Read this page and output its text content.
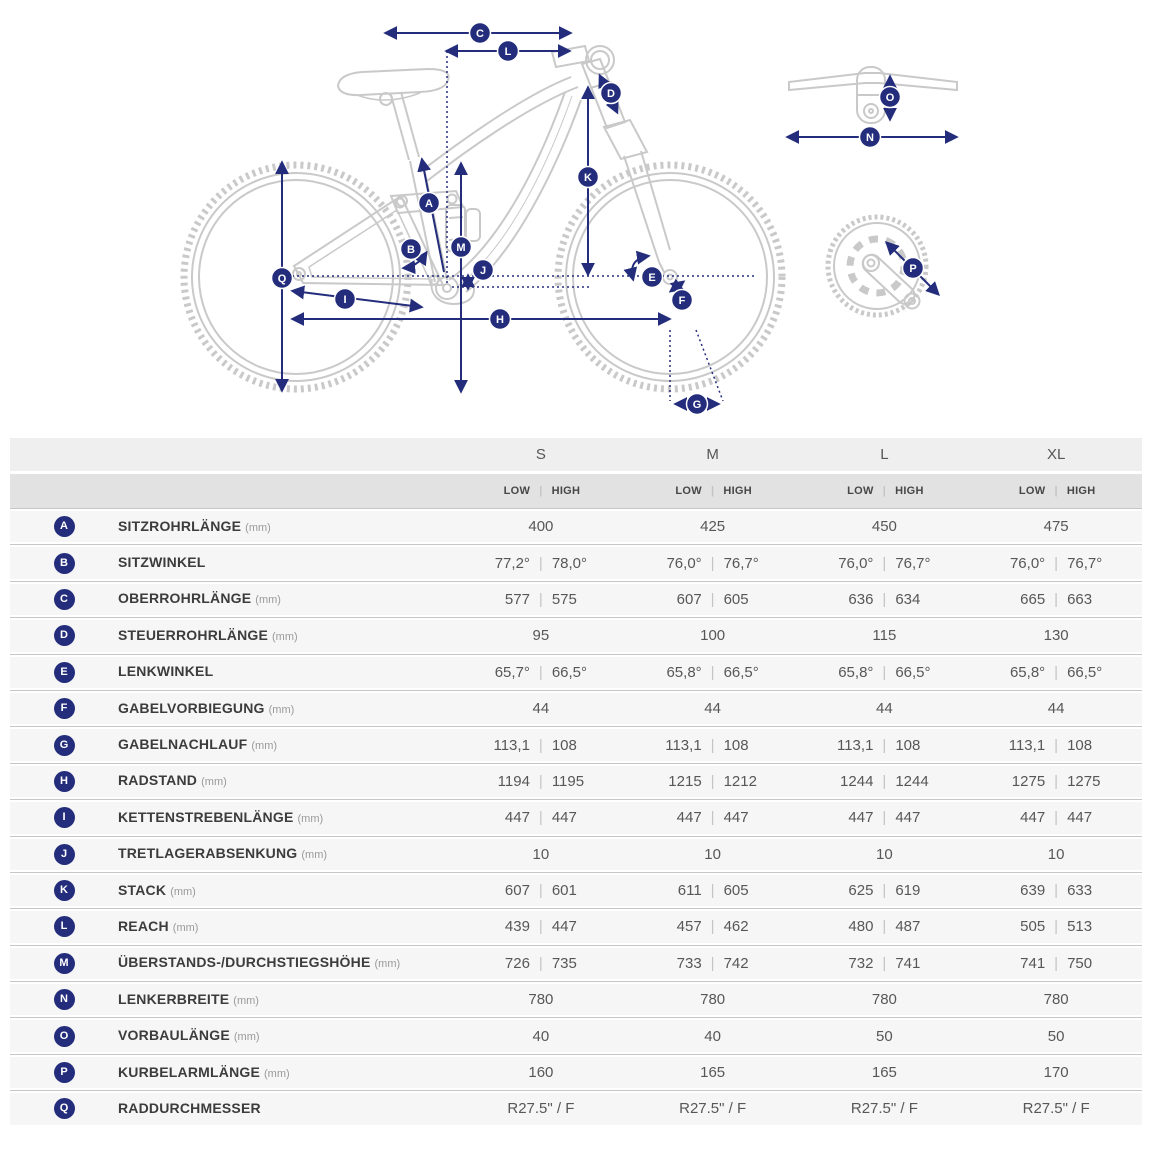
A
B
C
D
E
F
G
H
I
J
K
L
M
N
O
P
Q
S	M	L	XL
LOW | HIGH	LOW | HIGH	LOW | HIGH	LOW | HIGH
A	SITZROHRLÄNGE (mm)	400	425	450	475
B	SITZWINKEL	77,2° | 78,0°	76,0° | 76,7°	76,0° | 76,7°	76,0° | 76,7°
C	OBERROHRLÄNGE (mm)	577 | 575	607 | 605	636 | 634	665 | 663
D	STEUERROHRLÄNGE (mm)	95	100	115	130
E	LENKWINKEL	65,7° | 66,5°	65,8° | 66,5°	65,8° | 66,5°	65,8° | 66,5°
F	GABELVORBIEGUNG (mm)	44	44	44	44
G	GABELNACHLAUF (mm)	113,1 | 108	113,1 | 108	113,1 | 108	113,1 | 108
H	RADSTAND (mm)	1194 | 1195	1215 | 1212	1244 | 1244	1275 | 1275
I	KETTENSTREBENLÄNGE (mm)	447 | 447	447 | 447	447 | 447	447 | 447
J	TRETLAGERABSENKUNG (mm)	10	10	10	10
K	STACK (mm)	607 | 601	611 | 605	625 | 619	639 | 633
L	REACH (mm)	439 | 447	457 | 462	480 | 487	505 | 513
M	ÜBERSTANDS-/DURCHSTIEGSHÖHE (mm)	726 | 735	733 | 742	732 | 741	741 | 750
N	LENKERBREITE (mm)	780	780	780	780
O	VORBAULÄNGE (mm)	40	40	50	50
P	KURBELARMLÄNGE (mm)	160	165	165	170
Q	RADDURCHMESSER	R27.5" / F	R27.5" / F	R27.5" / F	R27.5" / F
